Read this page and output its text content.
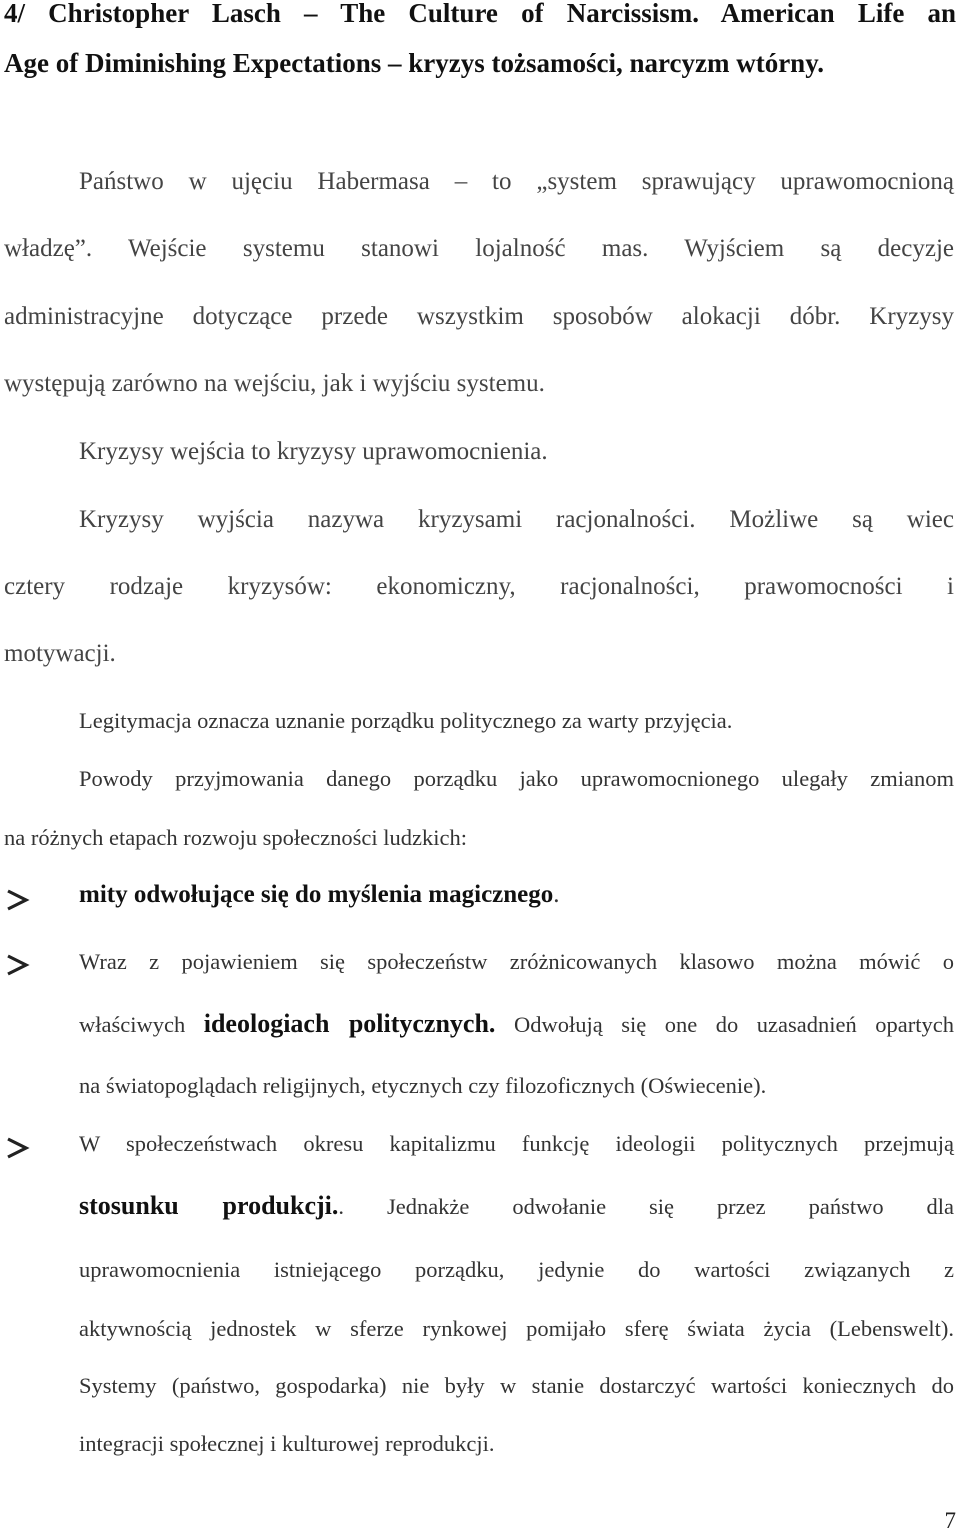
4/ Christopher Lasch – The Culture of Narcissism. American Life an

Age of Diminishing Expectations – kryzys tożsamości, narcyzm wtórny.

Państwo w ujęciu Habermasa – to „system sprawujący uprawomocnioną

władzę”. Wejście systemu stanowi lojalność mas. Wyjściem są decyzje

administracyjne dotyczące przede wszystkim sposobów alokacji dóbr. Kryzysy

występują zarówno na wejściu, jak i wyjściu systemu.

Kryzysy wejścia to kryzysy uprawomocnienia.

Kryzysy wyjścia nazywa kryzysami racjonalności. Możliwe są wiec

cztery rodzaje kryzysów: ekonomiczny, racjonalności, prawomocności i

motywacji.

Legitymacja oznacza uznanie porządku politycznego za warty przyjęcia.

Powody przyjmowania danego porządku jako uprawomocnionego ulegały zmianom

na różnych etapach rozwoju społeczności ludzkich:

mity odwołujące się do myślenia magicznego.

Wraz z pojawieniem się społeczeństw zróżnicowanych klasowo można mówić o

właściwych ideologiach politycznych. Odwołują się one do uzasadnień opartych

na światopoglądach religijnych, etycznych czy filozoficznych (Oświecenie).

W społeczeństwach okresu kapitalizmu funkcję ideologii politycznych przejmują

stosunku produkcji.. Jednakże odwołanie się przez państwo dla

uprawomocnienia istniejącego porządku, jedynie do wartości związanych z

aktywnością jednostek w sferze rynkowej pomijało sferę świata życia (Lebenswelt).

Systemy (państwo, gospodarka) nie były w stanie dostarczyć wartości koniecznych do

integracji społecznej i kulturowej reprodukcji.

7
